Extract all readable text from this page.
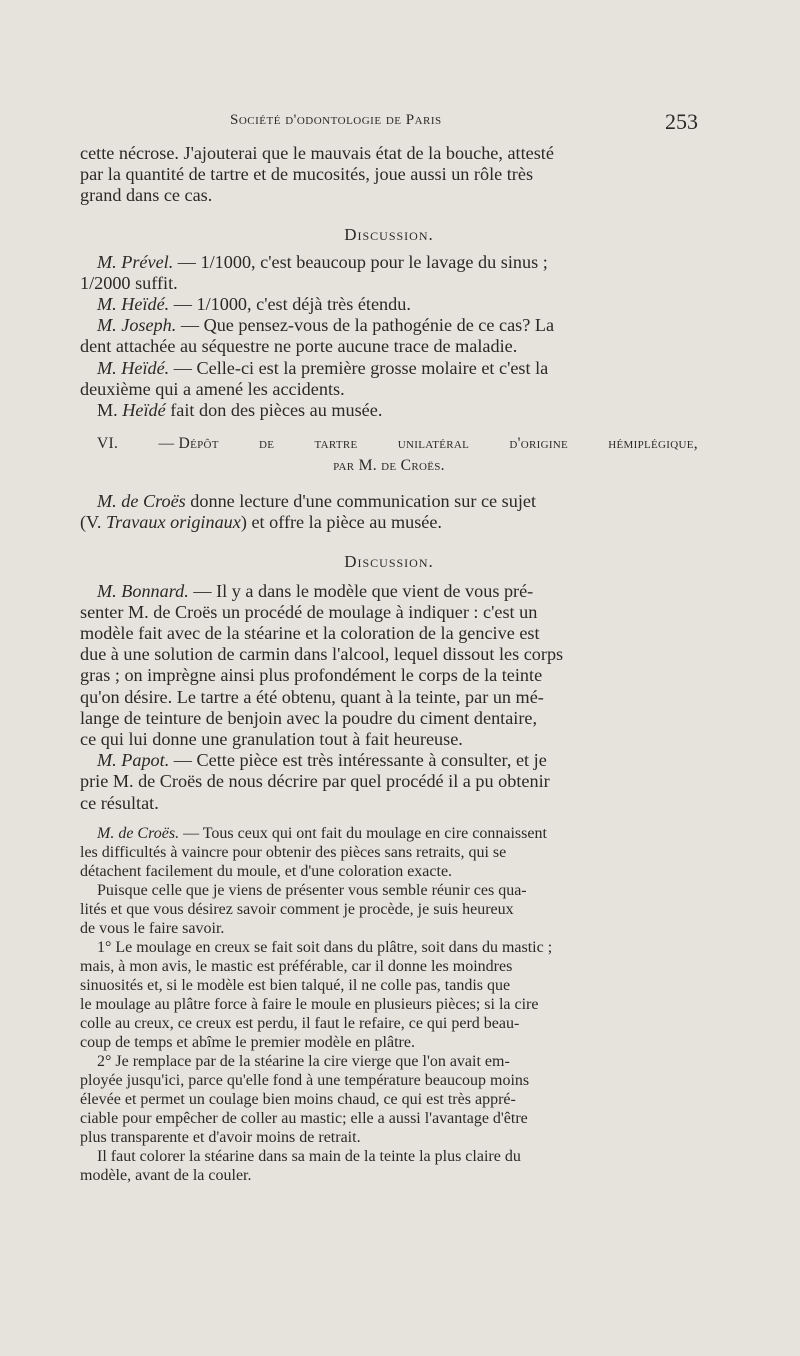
Société d'odontologie de Paris	253

cette nécrose. J'ajouterai que le mauvais état de la bouche, attesté
par la quantité de tartre et de mucosités, joue aussi un rôle très
grand dans ce cas.

Discussion.

M. Prével. — 1/1000, c'est beaucoup pour le lavage du sinus ;
1/2000 suffit.

M. Heïdé. — 1/1000, c'est déjà très étendu.

M. Joseph. — Que pensez-vous de la pathogénie de ce cas? La
dent attachée au séquestre ne porte aucune trace de maladie.

M. Heïdé. — Celle-ci est la première grosse molaire et c'est la
deuxième qui a amené les accidents.

M. Heïdé fait don des pièces au musée.

VI.	— Dépôt	de	tartre	unilatéral	d'origine	hémiplégique,
par M. de Croës.

M. de Croës donne lecture d'une communication sur ce sujet
(V. Travaux originaux) et offre la pièce au musée.

Discussion.

M. Bonnard. — Il y a dans le modèle que vient de vous pré-
senter M. de Croës un procédé de moulage à indiquer : c'est un
modèle fait avec de la stéarine et la coloration de la gencive est
due à une solution de carmin dans l'alcool, lequel dissout les corps
gras ; on imprègne ainsi plus profondément le corps de la teinte
qu'on désire. Le tartre a été obtenu, quant à la teinte, par un mé-
lange de teinture de benjoin avec la poudre du ciment dentaire,
ce qui lui donne une granulation tout à fait heureuse.

M. Papot. — Cette pièce est très intéressante à consulter, et je
prie M. de Croës de nous décrire par quel procédé il a pu obtenir
ce résultat.

M. de Croës. — Tous ceux qui ont fait du moulage en cire connaissent
les difficultés à vaincre pour obtenir des pièces sans retraits, qui se
détachent facilement du moule, et d'une coloration exacte.

Puisque celle que je viens de présenter vous semble réunir ces qua-
lités et que vous désirez savoir comment je procède, je suis heureux
de vous le faire savoir.

1° Le moulage en creux se fait soit dans du plâtre, soit dans du mastic ;
mais, à mon avis, le mastic est préférable, car il donne les moindres
sinuosités et, si le modèle est bien talqué, il ne colle pas, tandis que
le moulage au plâtre force à faire le moule en plusieurs pièces; si la cire
colle au creux, ce creux est perdu, il faut le refaire, ce qui perd beau-
coup de temps et abîme le premier modèle en plâtre.

2° Je remplace par de la stéarine la cire vierge que l'on avait em-
ployée jusqu'ici, parce qu'elle fond à une température beaucoup moins
élevée et permet un coulage bien moins chaud, ce qui est très appré-
ciable pour empêcher de coller au mastic; elle a aussi l'avantage d'être
plus transparente et d'avoir moins de retrait.

Il faut colorer la stéarine dans sa main de la teinte la plus claire du
modèle, avant de la couler.
